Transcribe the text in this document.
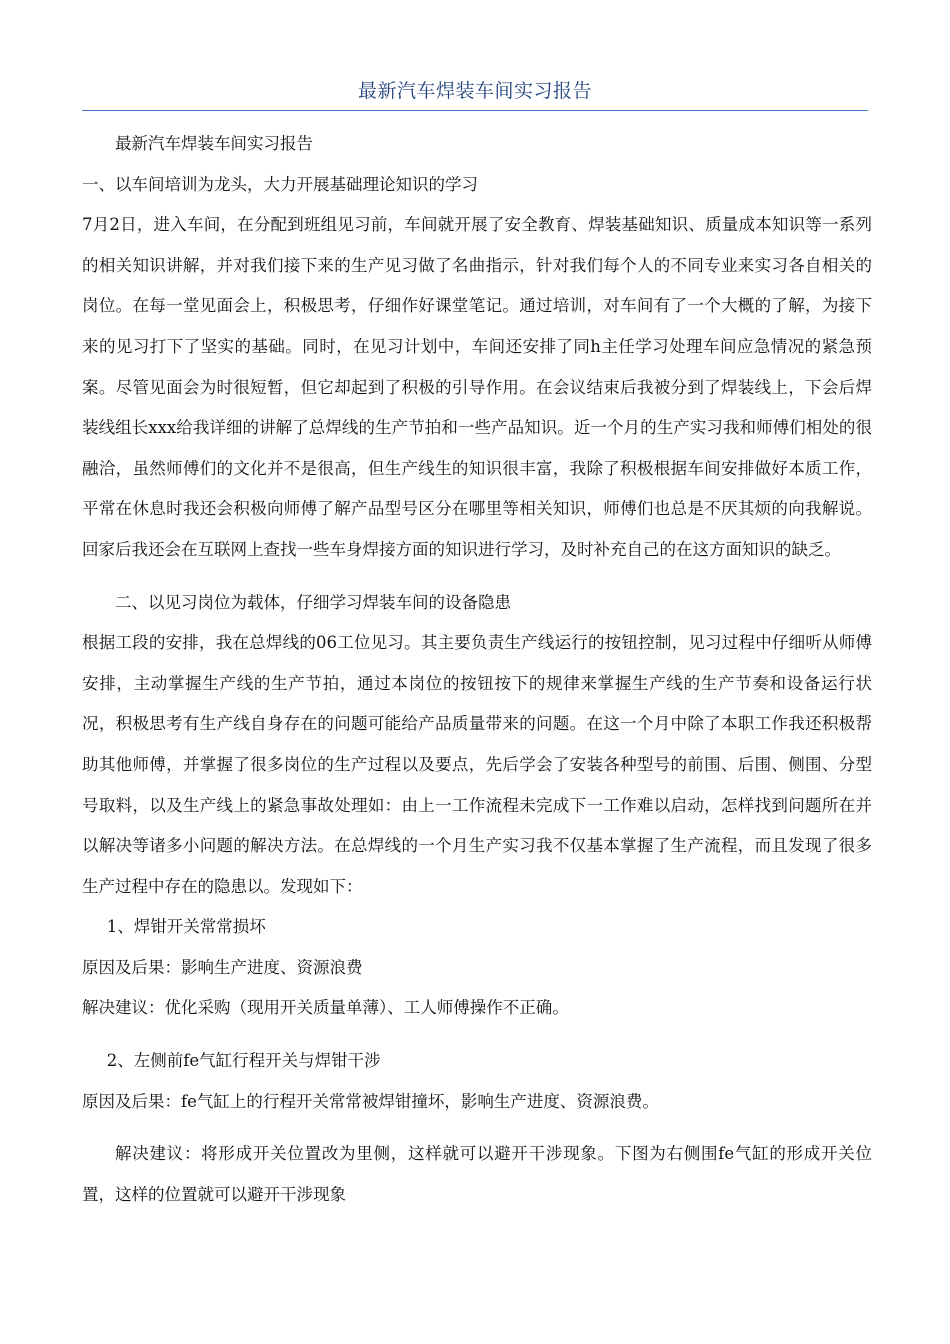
最新汽车焊装车间实习报告

最新汽车焊装车间实习报告

一、以车间培训为龙头，大力开展基础理论知识的学习

7月2日，进入车间，在分配到班组见习前，车间就开展了安全教育、焊装基础知识、质量成本知识等一系列的相关知识讲解，并对我们接下来的生产见习做了名曲指示，针对我们每个人的不同专业来实习各自相关的岗位。在每一堂见面会上，积极思考，仔细作好课堂笔记。通过培训，对车间有了一个大概的了解，为接下来的见习打下了坚实的基础。同时，在见习计划中，车间还安排了同h主任学习处理车间应急情况的紧急预案。尽管见面会为时很短暂，但它却起到了积极的引导作用。在会议结束后我被分到了焊装线上，下会后焊装线组长xxx给我详细的讲解了总焊线的生产节拍和一些产品知识。近一个月的生产实习我和师傅们相处的很融洽，虽然师傅们的文化并不是很高，但生产线生的知识很丰富，我除了积极根据车间安排做好本质工作，平常在休息时我还会积极向师傅了解产品型号区分在哪里等相关知识，师傅们也总是不厌其烦的向我解说。回家后我还会在互联网上查找一些车身焊接方面的知识进行学习，及时补充自己的在这方面知识的缺乏。

二、以见习岗位为载体，仔细学习焊装车间的设备隐患

根据工段的安排，我在总焊线的06工位见习。其主要负责生产线运行的按钮控制，见习过程中仔细听从师傅安排，主动掌握生产线的生产节拍，通过本岗位的按钮按下的规律来掌握生产线的生产节奏和设备运行状况，积极思考有生产线自身存在的问题可能给产品质量带来的问题。在这一个月中除了本职工作我还积极帮助其他师傅，并掌握了很多岗位的生产过程以及要点，先后学会了安装各种型号的前围、后围、侧围、分型号取料，以及生产线上的紧急事故处理如：由上一工作流程未完成下一工作难以启动，怎样找到问题所在并以解决等诸多小问题的解决方法。在总焊线的一个月生产实习我不仅基本掌握了生产流程，而且发现了很多生产过程中存在的隐患以。发现如下：

1、焊钳开关常常损坏

原因及后果：影响生产进度、资源浪费

解决建议：优化采购（现用开关质量单薄）、工人师傅操作不正确。

2、左侧前fe气缸行程开关与焊钳干涉

原因及后果：fe气缸上的行程开关常常被焊钳撞坏，影响生产进度、资源浪费。

解决建议：将形成开关位置改为里侧，这样就可以避开干涉现象。下图为右侧围fe气缸的形成开关位置，这样的位置就可以避开干涉现象
